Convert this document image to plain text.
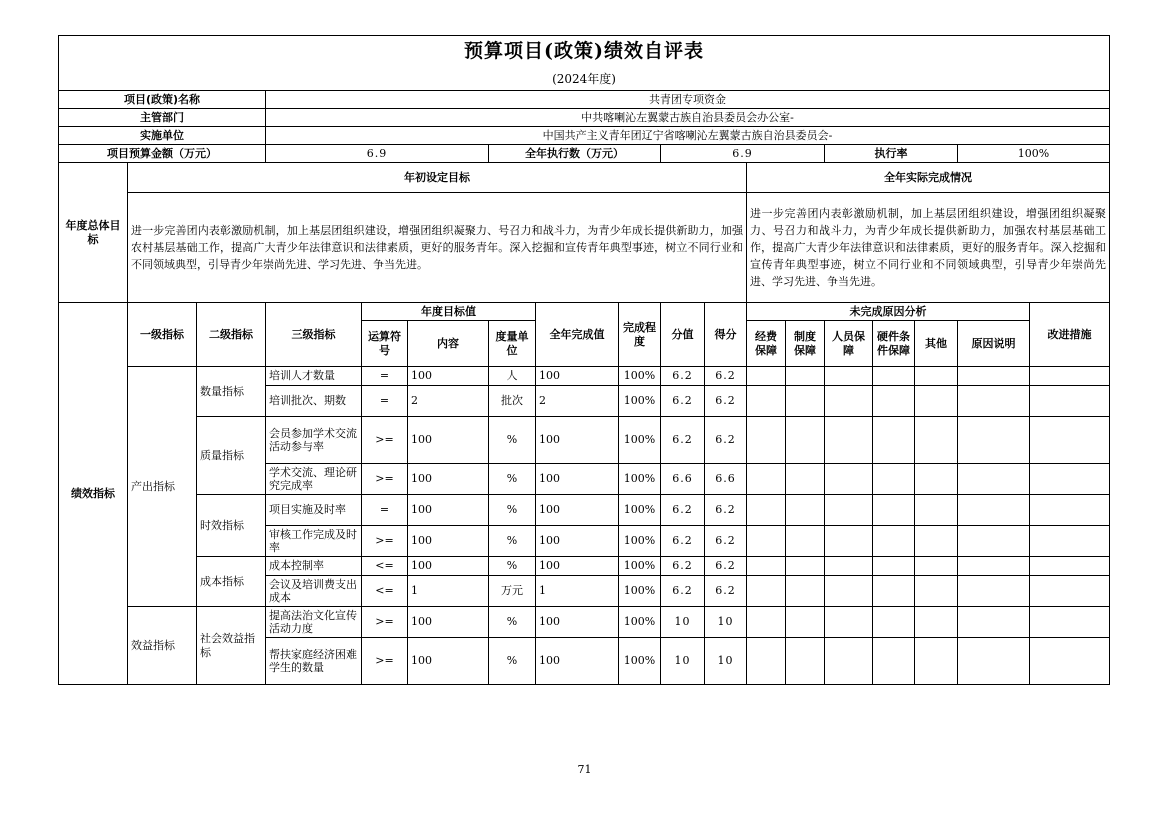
预算项目(政策)绩效自评表																	
(2024年度)																	
项目(政策)名称			共青团专项资金														
主管部门			中共喀喇沁左翼蒙古族自治县委员会办公室-														
实施单位			中国共产主义青年团辽宁省喀喇沁左翼蒙古族自治县委员会-														
项目预算金额（万元）			6.9			全年执行数（万元）			6.9				执行率			100%	
年度总体目标	年初设定目标										全年实际完成情况						
	进一步完善团内表彰激励机制，加上基层团组织建设，增强团组织凝聚力、号召力和战斗力，为青少年成长提供新助力，加强农村基层基础工作，提高广大青少年法律意识和法律素质，更好的服务青年。深入挖掘和宣传青年典型事迹，树立不同行业和不同领域典型，引导青少年崇尚先进、学习先进、争当先进。										进一步完善团内表彰激励机制，加上基层团组织建设，增强团组织凝聚力、号召力和战斗力，为青少年成长提供新助力，加强农村基层基础工作，提高广大青少年法律意识和法律素质，更好的服务青年。深入挖掘和宣传青年典型事迹，树立不同行业和不同领域典型，引导青少年崇尚先进、学习先进、争当先进。						
绩效指标	一级指标	二级指标	三级指标	年度目标值			全年完成值	完成程度	分值	得分	未完成原因分析						改进措施
				运算符号	内容	度量单位					经费保障	制度保障	人员保障	硬件条件保障	其他	原因说明	
	产出指标	数量指标	培训人才数量	=	100	人	100	100%	6.2	6.2							
			培训批次、期数	=	2	批次	2	100%	6.2	6.2							
		质量指标	会员参加学术交流活动参与率	>=	100	%	100	100%	6.2	6.2							
			学术交流、理论研究完成率	>=	100	%	100	100%	6.6	6.6							
		时效指标	项目实施及时率	=	100	%	100	100%	6.2	6.2							
			审核工作完成及时率	>=	100	%	100	100%	6.2	6.2							
		成本指标	成本控制率	<=	100	%	100	100%	6.2	6.2							
			会议及培训费支出成本	<=	1	万元	1	100%	6.2	6.2							
	效益指标	社会效益指标	提高法治文化宣传活动力度	>=	100	%	100	100%	10	10							
			帮扶家庭经济困难学生的数量	>=	100	%	100	100%	10	10							
71
